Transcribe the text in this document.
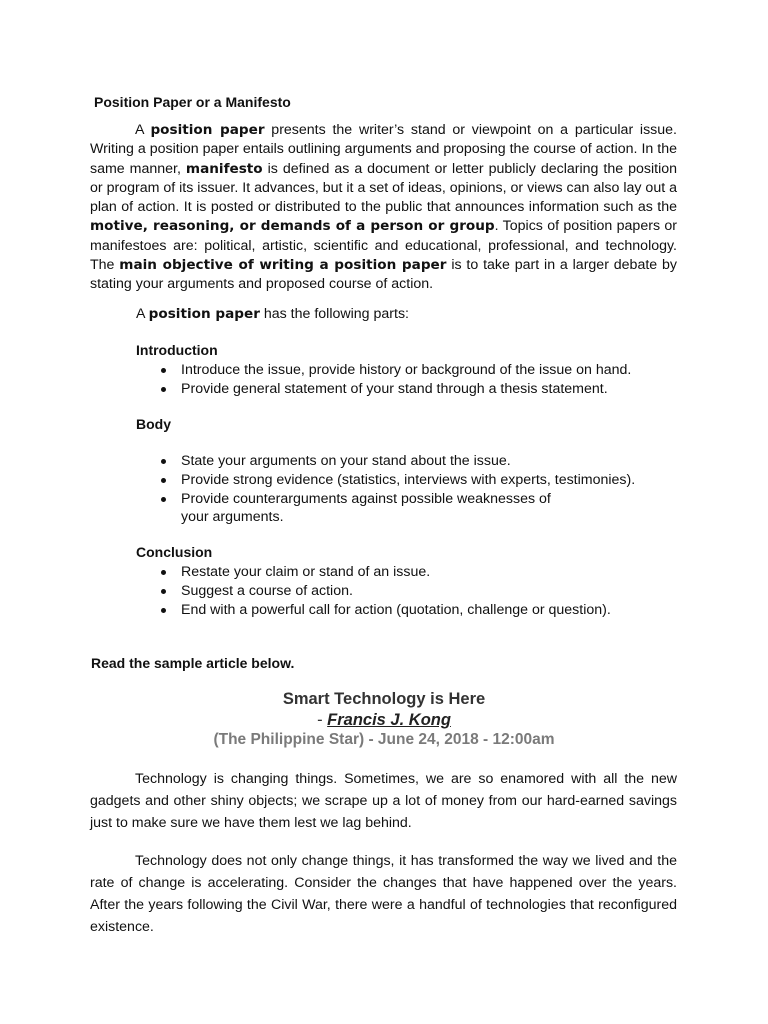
Position Paper or a Manifesto

A position paper presents the writer’s stand or viewpoint on a particular issue. Writing a position paper entails outlining arguments and proposing the course of action. In the same manner, manifesto is defined as a document or letter publicly declaring the position or program of its issuer. It advances, but it a set of ideas, opinions, or views can also lay out a plan of action. It is posted or distributed to the public that announces information such as the motive, reasoning, or demands of a person or group. Topics of position papers or manifestoes are: political, artistic, scientific and educational, professional, and technology. The main objective of writing a position paper is to take part in a larger debate by stating your arguments and proposed course of action.

A position paper has the following parts:
Introduction
Introduce the issue, provide history or background of the issue on hand.
Provide general statement of your stand through a thesis statement.
Body
State your arguments on your stand about the issue.
Provide strong evidence (statistics, interviews with experts, testimonies).
Provide counterarguments against possible weaknesses of your arguments.
Conclusion
Restate your claim or stand of an issue.
Suggest a course of action.
End with a powerful call for action (quotation, challenge or question).
Read the sample article below.
Smart Technology is Here
- Francis J. Kong
(The Philippine Star) - June 24, 2018 - 12:00am

Technology is changing things. Sometimes, we are so enamored with all the new gadgets and other shiny objects; we scrape up a lot of money from our hard-earned savings just to make sure we have them lest we lag behind.

Technology does not only change things, it has transformed the way we lived and the rate of change is accelerating. Consider the changes that have happened over the years. After the years following the Civil War, there were a handful of technologies that reconfigured existence.
